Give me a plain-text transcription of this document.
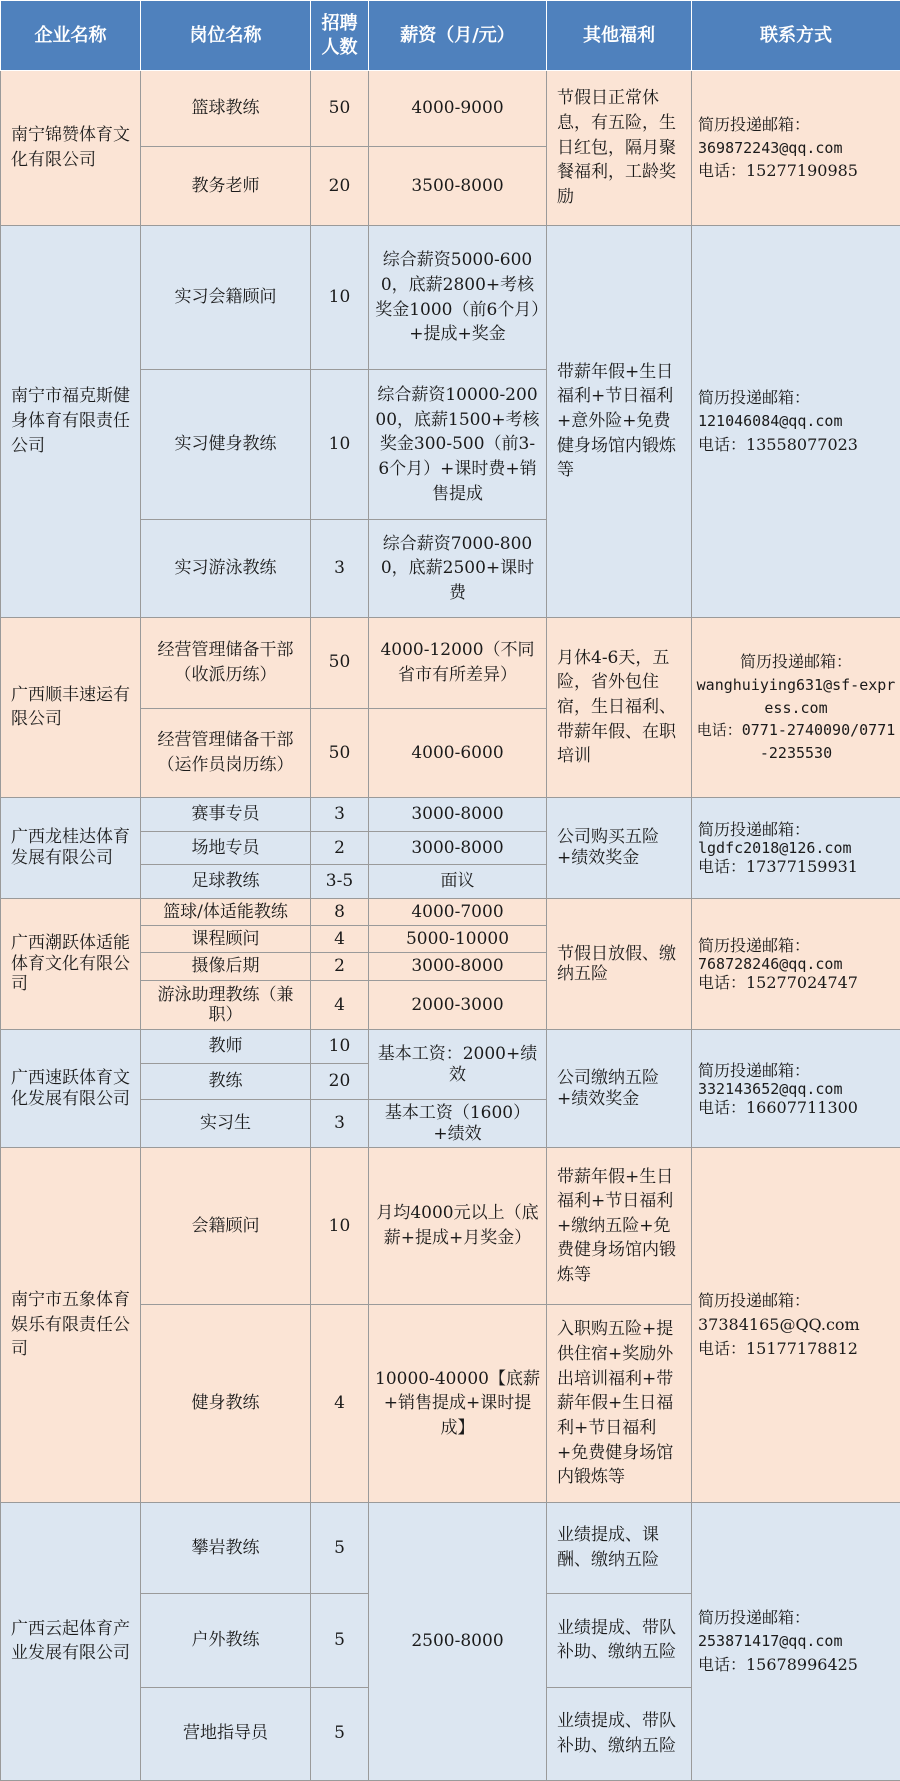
企业名称	岗位名称	招聘人数	薪资（月/元）	其他福利	联系方式
南宁锦赞体育文化有限公司	篮球教练	50	4000-9000	节假日正常休息，有五险，生日红包，隔月聚餐福利，工龄奖励	简历投递邮箱：
369872243@qq.com
电话：15277190985

	教务老师	20	3500-8000		
南宁市福克斯健身体育有限责任公司	实习会籍顾问	10	综合薪资5000-6000，底薪2800+考核奖金1000（前6个月）+提成+奖金	带薪年假+生日福利+节日福利+意外险+免费健身场馆内锻炼等	简历投递邮箱：
121046084@qq.com
电话：13558077023

	实习健身教练	10	综合薪资10000-20000，底薪1500+考核奖金300-500（前3-6个月）+课时费+销售提成		
	实习游泳教练	3	综合薪资7000-8000，底薪2500+课时费		
广西顺丰速运有限公司	经营管理储备干部（收派历练）	50	4000-12000（不同省市有所差异）	月休4-6天，五险，省外包住宿，生日福利、带薪年假、在职培训	简历投递邮箱：
wanghuiying631@sf-express.com
电话：0771-2740090/0771-2235530

	经营管理储备干部（运作员岗历练）	50	4000-6000		
广西龙桂达体育发展有限公司	赛事专员	3	3000-8000	公司购买五险+绩效奖金	简历投递邮箱：
lgdfc2018@126.com
电话：17377159931

	场地专员	2	3000-8000		
	足球教练	3-5	面议		
广西潮跃体适能体育文化有限公司	篮球/体适能教练	8	4000-7000	节假日放假、缴纳五险	简历投递邮箱：
768728246@qq.com
电话：15277024747

	课程顾问	4	5000-10000		
	摄像后期	2	3000-8000		
	游泳助理教练（兼职）	4	2000-3000		
广西速跃体育文化发展有限公司	教师	10	基本工资：2000+绩效	公司缴纳五险+绩效奖金	简历投递邮箱：
332143652@qq.com
电话：16607711300

	教练	20			
	实习生	3	基本工资（1600）+绩效		
南宁市五象体育娱乐有限责任公司	会籍顾问	10	月均4000元以上（底薪+提成+月奖金）	带薪年假+生日福利+节日福利+缴纳五险+免费健身场馆内锻炼等	简历投递邮箱：
37384165@QQ.com
电话：15177178812

	健身教练	4	10000-40000【底薪+销售提成+课时提成】	入职购五险+提供住宿+奖励外出培训福利+带薪年假+生日福利+节日福利+免费健身场馆内锻炼等	
广西云起体育产业发展有限公司	攀岩教练	5	2500-8000	业绩提成、课酬、缴纳五险	简历投递邮箱：
253871417@qq.com
电话：15678996425

	户外教练	5		业绩提成、带队补助、缴纳五险	
	营地指导员	5		业绩提成、带队补助、缴纳五险	
